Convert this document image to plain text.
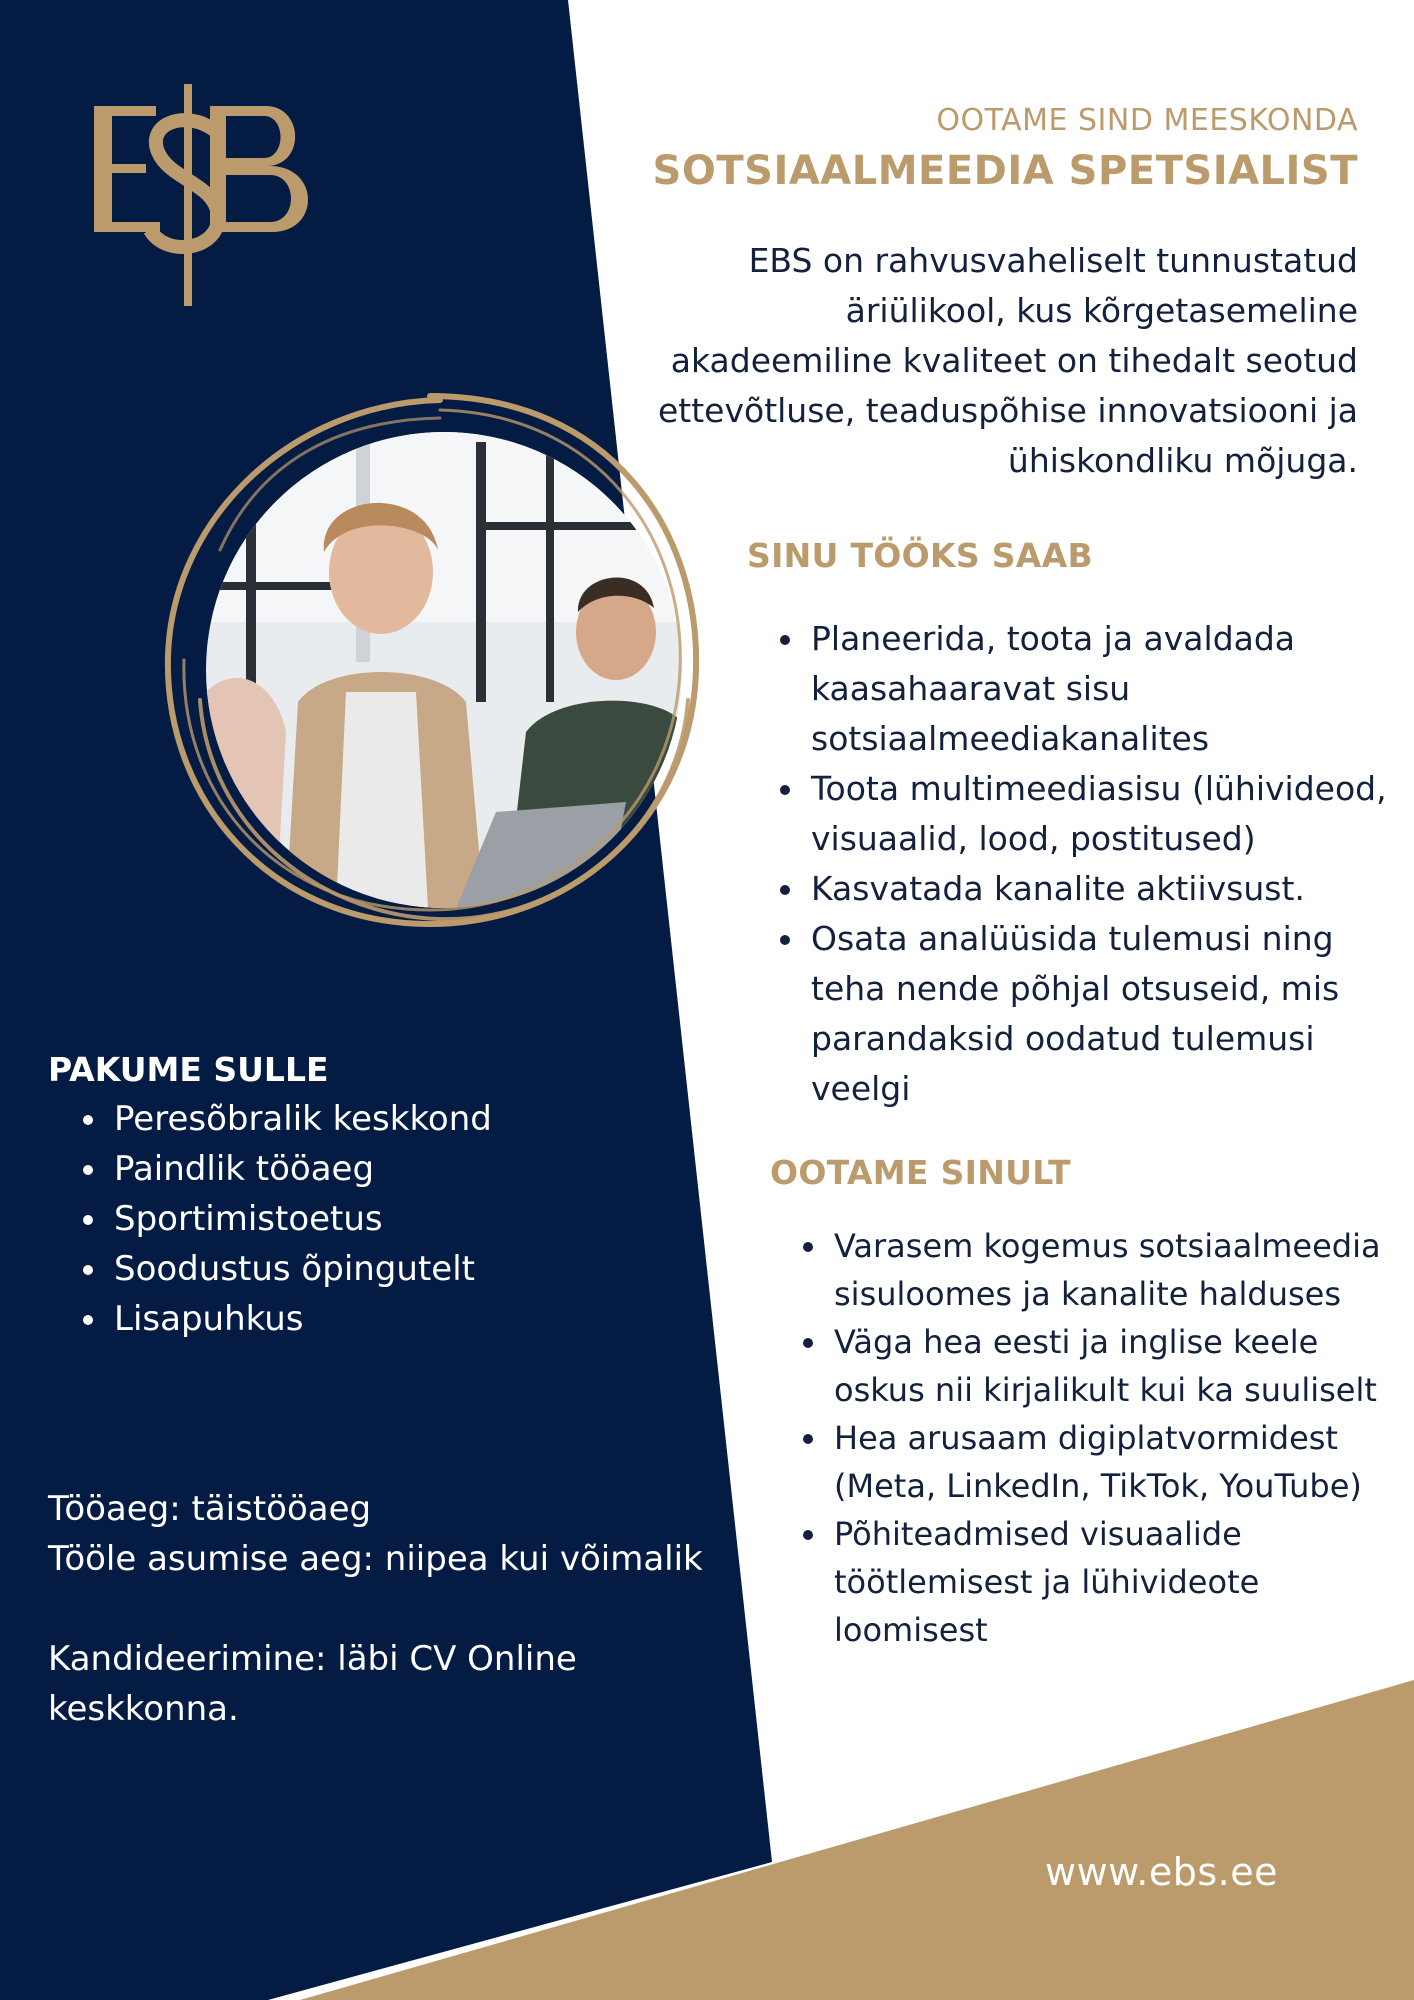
OOTAME SIND MEESKONDA
SOTSIAALMEEDIA SPETSIALIST
EBS on rahvusvaheliselt tunnustatud
äriülikool, kus kõrgetasemeline
akadeemiline kvaliteet on tihedalt seotud
ettevõtluse, teaduspõhise innovatsiooni ja
ühiskondliku mõjuga.
SINU TÖÖKS SAAB
• Planeerida, toota ja avaldada kaasahaaravat sisu sotsiaalmeediakanalites
• Toota multimeediasisu (lühivideod, visuaalid, lood, postitused)
• Kasvatada kanalite aktiivsust.
• Osata analüüsida tulemusi ning teha nende põhjal otsuseid, mis parandaksid oodatud tulemusi veelgi
OOTAME SINULT
• Varasem kogemus sotsiaalmeedia sisuloomes ja kanalite halduses
• Väga hea eesti ja inglise keele oskus nii kirjalikult kui ka suuliselt
• Hea arusaam digiplatvormidest (Meta, LinkedIn, TikTok, YouTube)
• Põhiteadmised visuaalide töötlemisest ja lühivideote loomisest
PAKUME SULLE
• Peresõbralik keskkond
• Paindlik tööaeg
• Sportimistoetus
• Soodustus õpingutelt
• Lisapuhkus
Tööaeg: täistööaeg
Tööle asumise aeg: niipea kui võimalik
Kandideerimine: läbi CV Online
keskkonna.
www.ebs.ee
